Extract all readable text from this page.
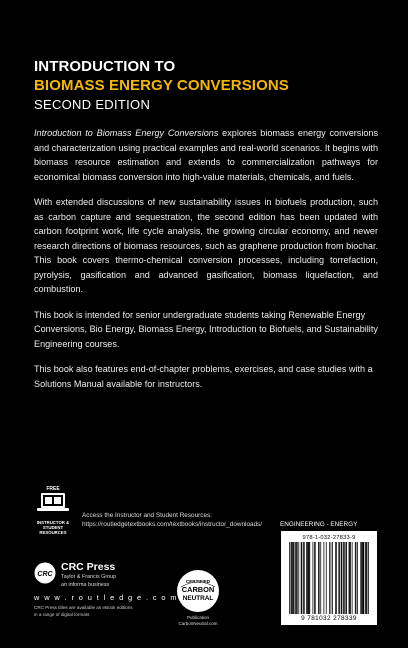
INTRODUCTION TO
BIOMASS ENERGY CONVERSIONS
SECOND EDITION

Introduction to Biomass Energy Conversions explores biomass energy conversions and characterization using practical examples and real-world scenarios. It begins with biomass resource estimation and extends to commercialization pathways for economical biomass conversion into high-value materials, chemicals, and fuels.

With extended discussions of new sustainability issues in biofuels production, such as carbon capture and sequestration, the second edition has been updated with carbon footprint work, life cycle analysis, the growing circular economy, and newer research directions of biomass resources, such as graphene production from biochar. This book covers thermo-chemical conversion processes, including torrefaction, pyrolysis, gasification and advanced gasification, biomass liquefaction, and combustion.

This book is intended for senior undergraduate students taking Renewable Energy Conversions, Bio Energy, Biomass Energy, Introduction to Biofuels, and Sustainability Engineering courses.

This book also features end-of-chapter problems, exercises, and case studies with a Solutions Manual available for instructors.

FREE
INSTRUCTOR & STUDENT RESOURCES
Access the Instructor and Student Resources:
https://routledgetextbooks.com/textbooks/instructor_downloads/
CRC
CRC Press
Taylor & Francis Group
an informa business
w w w . r o u t l e d g e . c o m
CRC Press titles are available as eBook editions
in a range of digital formats
CERTIFIED
CARBON
NEUTRAL
Publication
CarbonNeutral.com
ENGINEERING - ENERGY
978-1-032-27833-9
9 781032 278339
